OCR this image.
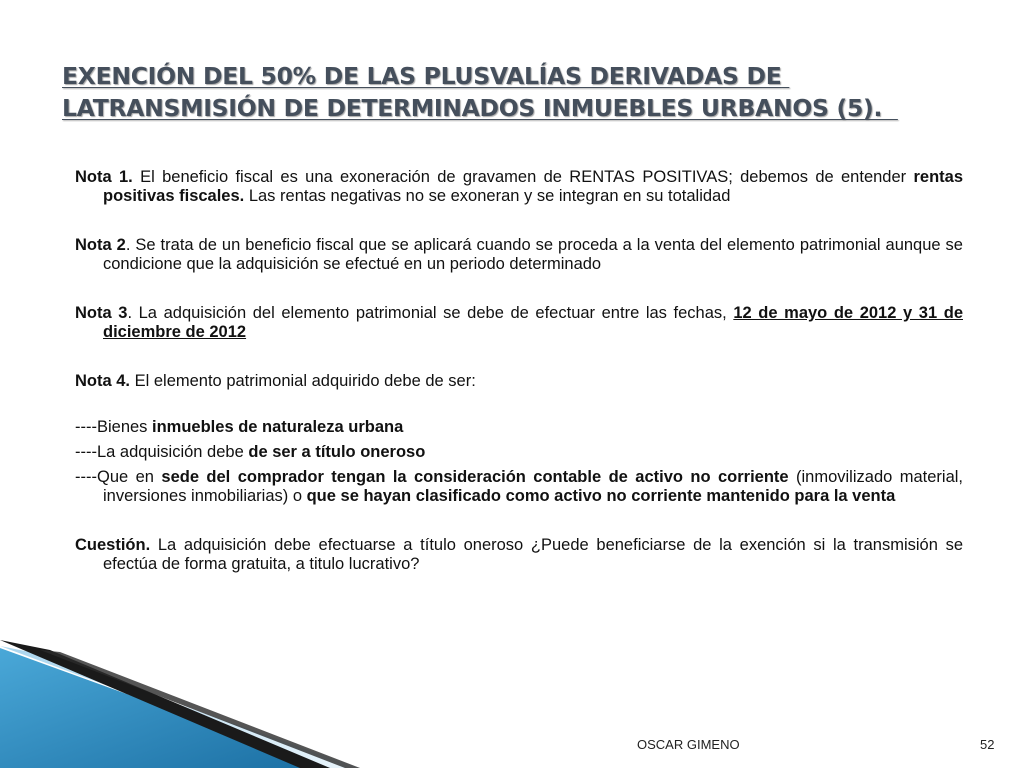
EXENCIÓN DEL 50% DE LAS PLUSVALÍAS DERIVADAS DE LATRANSMISIÓN DE DETERMINADOS INMUEBLES URBANOS (5).

Nota 1. El beneficio fiscal es una exoneración de gravamen de RENTAS POSITIVAS; debemos de entender rentas positivas fiscales. Las rentas negativas no se exoneran y se integran en su totalidad

Nota 2. Se trata de un beneficio fiscal que se aplicará cuando se proceda a la venta del elemento patrimonial aunque se condicione que la adquisición se efectué en un periodo determinado

Nota 3. La adquisición del elemento patrimonial se debe de efectuar entre las fechas, 12 de mayo de 2012 y 31 de diciembre de 2012

Nota 4. El elemento patrimonial adquirido debe de ser:

----Bienes inmuebles de naturaleza urbana

----La adquisición debe de ser a título oneroso

----Que en sede del comprador tengan la consideración contable de activo no corriente (inmovilizado material, inversiones inmobiliarias) o que se hayan clasificado como activo no corriente mantenido para la venta

Cuestión. La adquisición debe efectuarse a título oneroso ¿Puede beneficiarse de la exención si la transmisión se efectúa de forma gratuita, a titulo lucrativo?

OSCAR GIMENO	52
